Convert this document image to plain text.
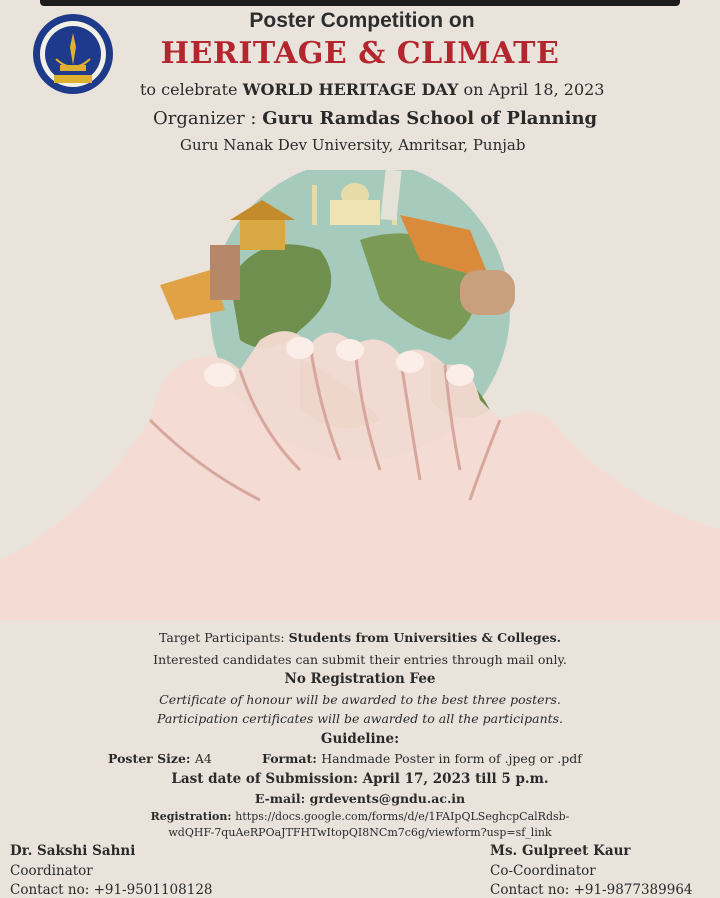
Poster Competition on
HERITAGE & CLIMATE
to celebrate WORLD HERITAGE DAY on April 18, 2023
Organizer : Guru Ramdas School of Planning
Guru Nanak Dev University, Amritsar, Punjab
Target Participants: Students from Universities & Colleges.
Interested candidates can submit their entries through mail only.
No Registration Fee
Certificate of honour will be awarded to the best three posters.
Participation certificates will be awarded to all the participants.
Guideline:
Poster Size: A4	Format: Handmade Poster in form of .jpeg or .pdf
Last date of Submission: April 17, 2023 till 5 p.m.
E-mail: grdevents@gndu.ac.in
Registration: https://docs.google.com/forms/d/e/1FAIpQLSeghcpCalRdsb-
wdQHF-7quAeRPOaJTFHTwItopQI8NCm7c6g/viewform?usp=sf_link
Dr. Sakshi Sahni
Coordinator
Contact no: +91-9501108128
Ms. Gulpreet Kaur
Co-Coordinator
Contact no: +91-9877389964
